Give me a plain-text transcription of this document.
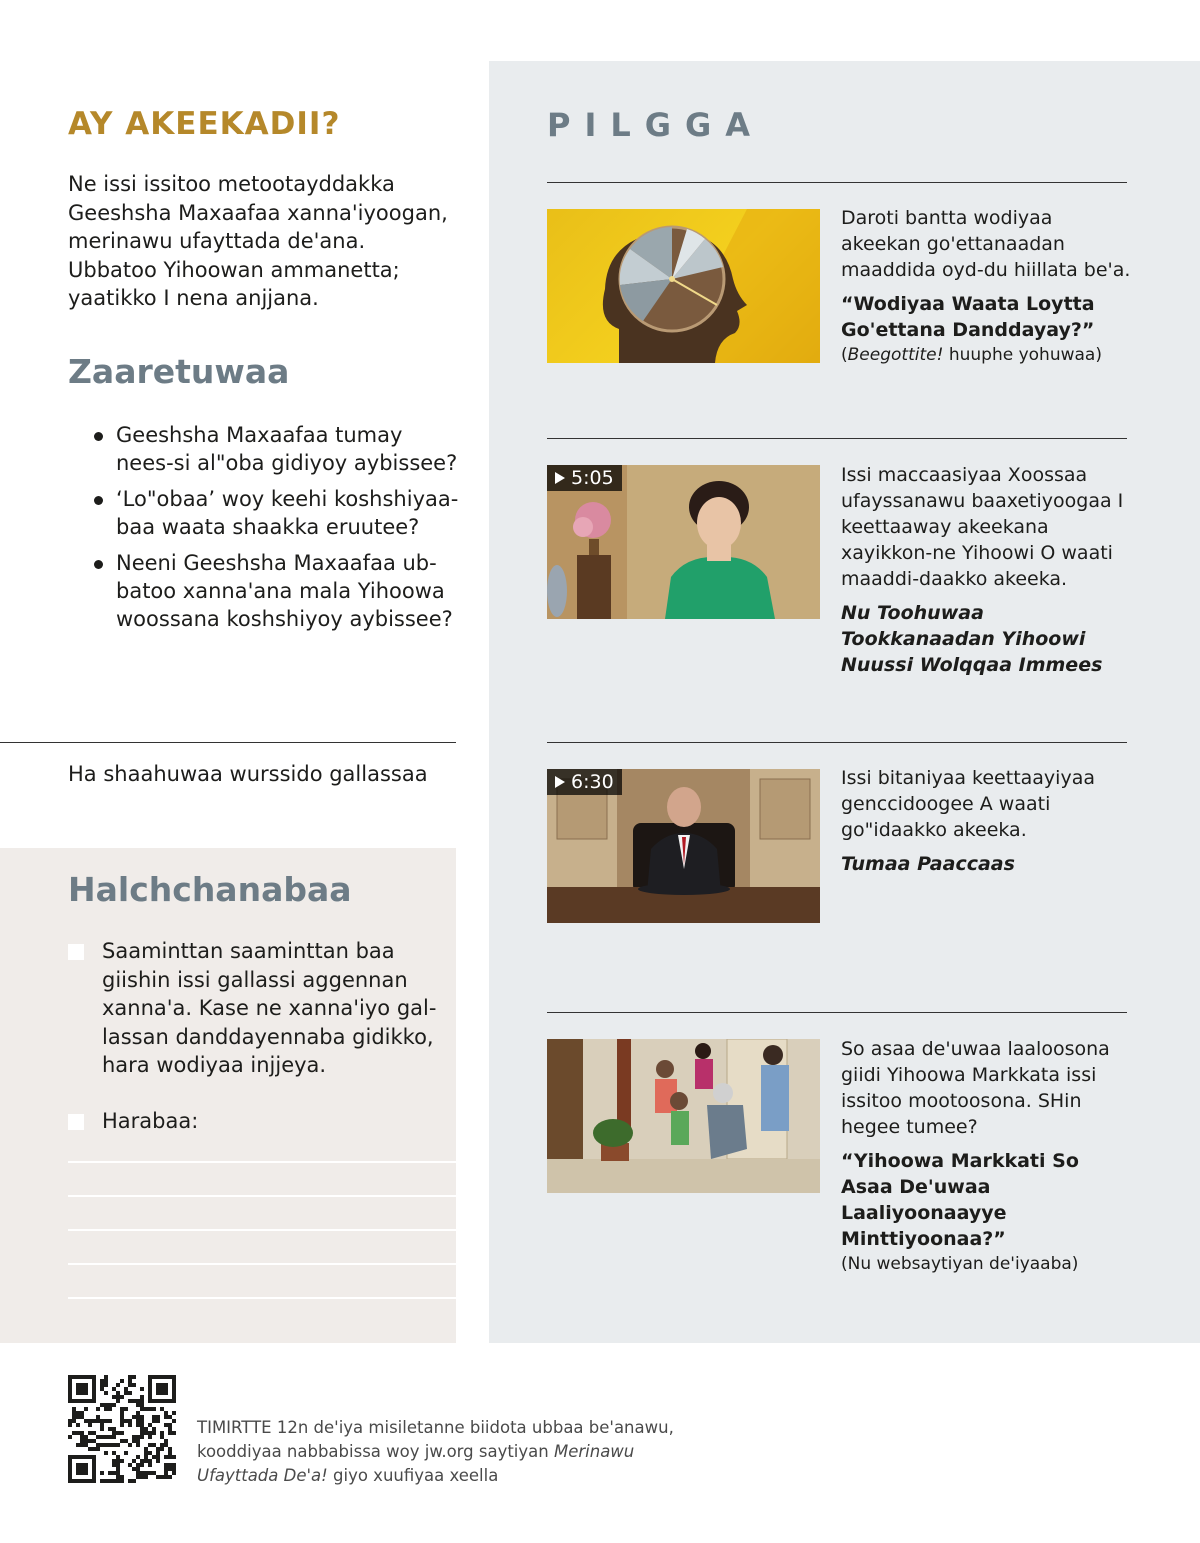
AY AKEEKADII?
Ne issi issitoo metootayddakka Geeshsha Maxaafaa xanna'iyoogan, merinawu ufayttada de'ana. Ubbatoo Yihoowan ammanetta; yaatikko I nena anjjana.
Zaaretuwaa
Geeshsha Maxaafaa tumay nees-si al"oba gidiyoy aybissee?
‘Lo"obaa’ woy keehi koshshiyaa-baa waata shaakka eruutee?
Neeni Geeshsha Maxaafaa ub-batoo xanna'ana mala Yihoowa woossana koshshiyoy aybissee?
Ha shaahuwaa wurssido gallassaa
Halchchanabaa
Saaminttan saaminttan baa giishin issi gallassi aggennan xanna'a. Kase ne xanna'iyo gal-lassan danddayennaba gidikko, hara wodiyaa injjeya.
Harabaa:
PILGGA
Daroti bantta wodiyaa akeekan go'ettanaadan maaddida oyd-du hiillata be'a.
“Wodiyaa Waata Loytta Go'ettana Danddayay?”
(Beegottite! huuphe yohuwaa)
5:05	Issi maccaasiyaa Xoossaa ufayssanawu baaxetiyoogaa I keettaaway akeekana xayikkon-ne Yihoowi O waati maaddi-daakko akeeka.
Nu Toohuwaa Tookkanaadan Yihoowi Nuussi Wolqqaa Immees
6:30	Issi bitaniyaa keettaayiyaa genccidoogee A waati go"idaakko akeeka.
Tumaa Paaccaas
So asaa de'uwaa laaloosona giidi Yihoowa Markkata issi issitoo mootoosona. SHin hegee tumee?
“Yihoowa Markkati So Asaa De'uwaa Laaliyoonaayye Minttiyoonaa?”
(Nu websaytiyan de'iyaaba)
TIMIRTTE 12n de'iya misiletanne biidota ubbaa be'anawu, kooddiyaa nabbabissa woy jw.org saytiyan Merinawu Ufayttada De'a! giyo xuufiyaa xeella
